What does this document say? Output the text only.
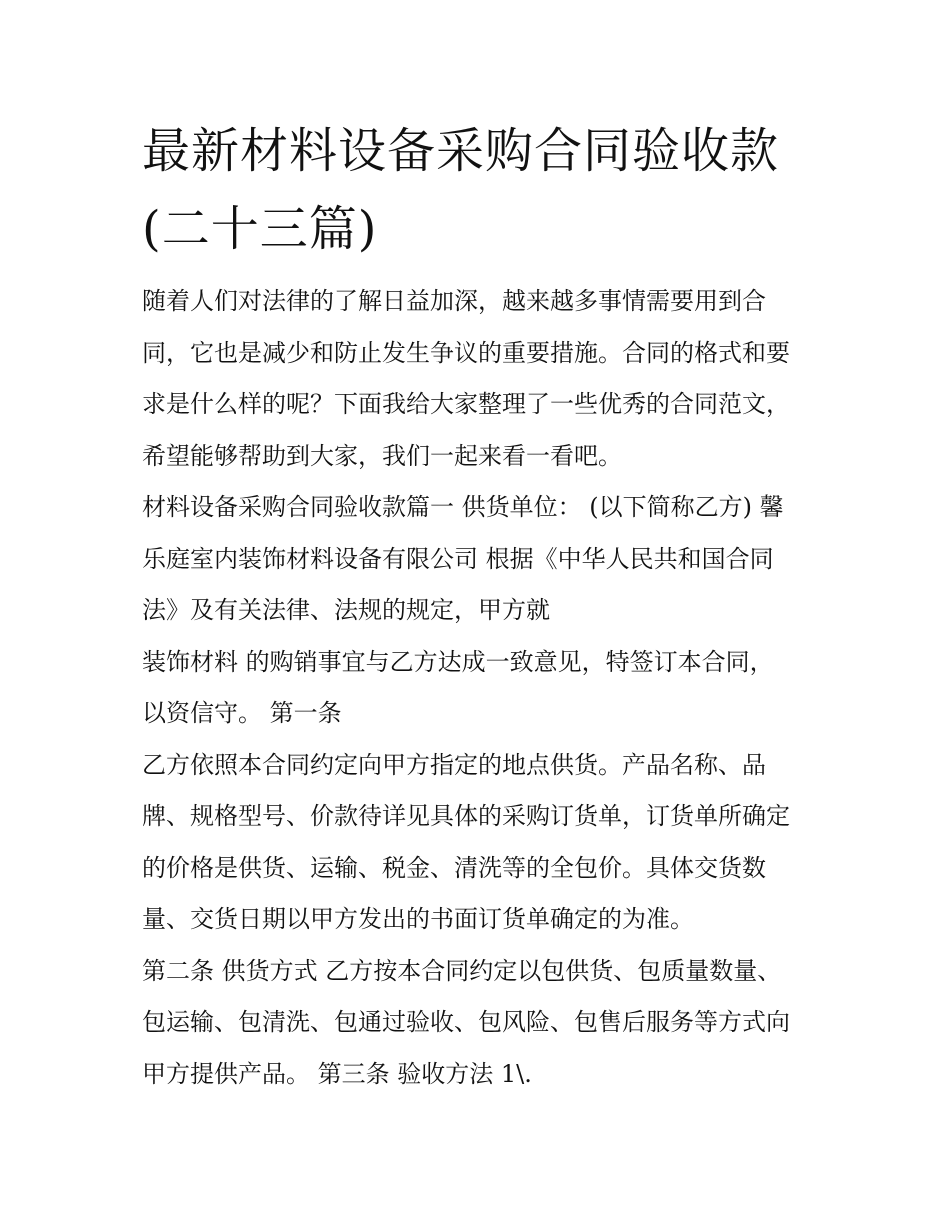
最新材料设备采购合同验收款
(二十三篇)
随着人们对法律的了解日益加深，越来越多事情需要用到合
同，它也是减少和防止发生争议的重要措施。合同的格式和要
求是什么样的呢？下面我给大家整理了一些优秀的合同范文，
希望能够帮助到大家，我们一起来看一看吧。
材料设备采购合同验收款篇一 供货单位： (以下简称乙方) 馨
乐庭室内装饰材料设备有限公司 根据《中华人民共和国合同
法》及有关法律、法规的规定，甲方就
装饰材料 的购销事宜与乙方达成一致意见，特签订本合同，
以资信守。 第一条
乙方依照本合同约定向甲方指定的地点供货。产品名称、品
牌、规格型号、价款待详见具体的采购订货单，订货单所确定
的价格是供货、运输、税金、清洗等的全包价。具体交货数
量、交货日期以甲方发出的书面订货单确定的为准。
第二条 供货方式 乙方按本合同约定以包供货、包质量数量、
包运输、包清洗、包通过验收、包风险、包售后服务等方式向
甲方提供产品。 第三条 验收方法 1\.
